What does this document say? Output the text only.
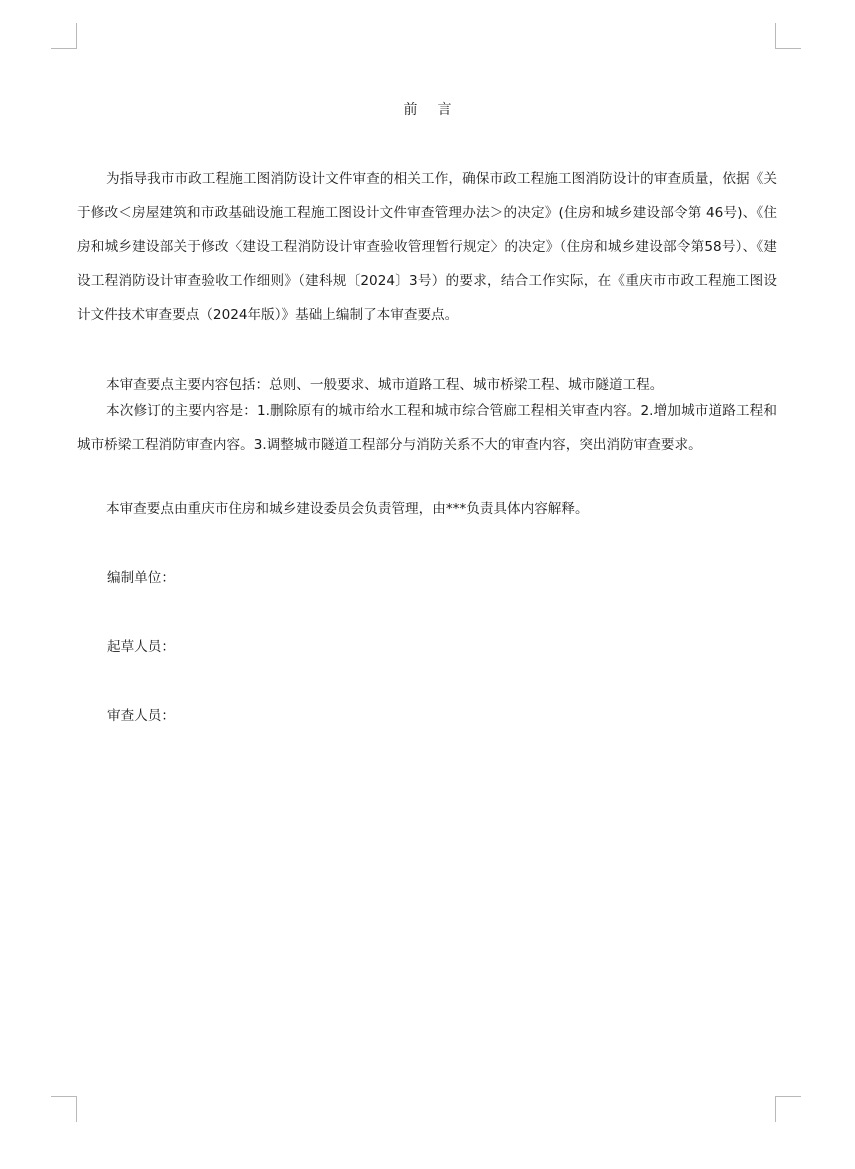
前言
为指导我市市政工程施工图消防设计文件审查的相关工作，确保市政工程施工图消防设计的审查质量，依据《关于修改＜房屋建筑和市政基础设施工程施工图设计文件审查管理办法＞的决定》(住房和城乡建设部令第 46号)、《住房和城乡建设部关于修改〈建设工程消防设计审查验收管理暂行规定〉的决定》（住房和城乡建设部令第58号）、《建设工程消防设计审查验收工作细则》（建科规〔2024〕3号）的要求，结合工作实际，在《重庆市市政工程施工图设计文件技术审查要点（2024年版）》基础上编制了本审查要点。
本审查要点主要内容包括：总则、一般要求、城市道路工程、城市桥梁工程、城市隧道工程。
本次修订的主要内容是：1.删除原有的城市给水工程和城市综合管廊工程相关审查内容。2.增加城市道路工程和城市桥梁工程消防审查内容。3.调整城市隧道工程部分与消防关系不大的审查内容，突出消防审查要求。
本审查要点由重庆市住房和城乡建设委员会负责管理，由***负责具体内容解释。
编制单位：
起草人员：
审查人员：
